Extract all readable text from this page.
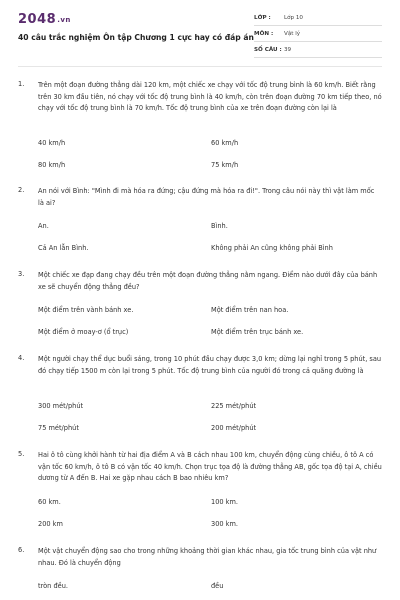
2048.vn
40 câu trắc nghiệm Ôn tập Chương 1 cực hay có đáp án
LỚP : Lớp 10
MÔN : Vật lý
SỐ CÂU : 39
1. Trên một đoạn đường thẳng dài 120 km, một chiếc xe chạy với tốc độ trung bình là 60 km/h. Biết rằng trên 30 km đầu tiên, nó chạy với tốc độ trung bình là 40 km/h, còn trên đoạn đường 70 km tiếp theo, nó chạy với tốc độ trung bình là 70 km/h. Tốc độ trung bình của xe trên đoạn đường còn lại là
40 km/h	60 km/h
80 km/h	75 km/h
2. An nói với Bình: "Mình đi mà hóa ra đứng; cậu đứng mà hóa ra đi!". Trong câu nói này thì vật làm mốc là ai?
An.	Bình.
Cả An lẫn Bình.	Không phải An cũng không phải Bình
3. Một chiếc xe đạp đang chạy đều trên một đoạn đường thẳng nằm ngang. Điểm nào dưới đây của bánh xe sẽ chuyển động thẳng đều?
Một điểm trên vành bánh xe.	Một điểm trên nan hoa.
Một điểm ở moay-ơ (ổ trục)	Một điểm trên trục bánh xe.
4. Một người chạy thể dục buổi sáng, trong 10 phút đầu chạy được 3,0 km; dừng lại nghỉ trong 5 phút, sau đó chạy tiếp 1500 m còn lại trong 5 phút. Tốc độ trung bình của người đó trong cả quãng đường là
300 mét/phút	225 mét/phút
75 mét/phút	200 mét/phút
5. Hai ô tô cùng khởi hành từ hai địa điểm A và B cách nhau 100 km, chuyển động cùng chiều, ô tô A có vận tốc 60 km/h, ô tô B có vận tốc 40 km/h. Chọn trục tọa độ là đường thẳng AB, gốc tọa độ tại A, chiều dương từ A đến B. Hai xe gặp nhau cách B bao nhiêu km?
60 km.	100 km.
200 km	300 km.
6. Một vật chuyển động sao cho trong những khoảng thời gian khác nhau, gia tốc trung bình của vật như nhau. Đó là chuyển động
tròn đều.	đều
